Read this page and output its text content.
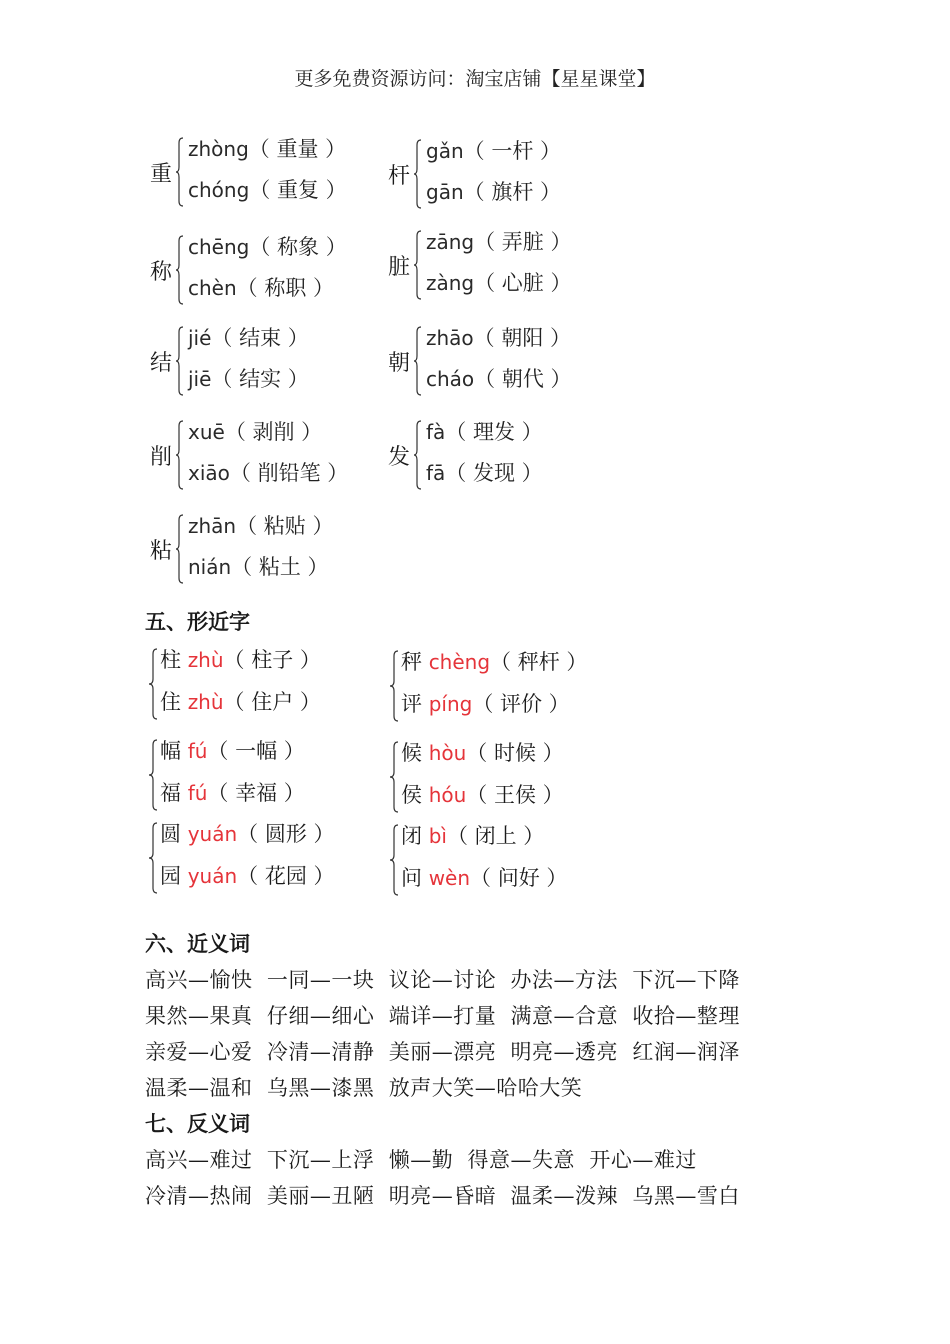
更多免费资源访问：淘宝店铺【星星课堂】
重
zhòng（ 重量 ）
chóng（ 重复 ）
杆
gǎn（ 一杆 ）
gān（ 旗杆 ）
称
chēng（ 称象 ）
chèn（ 称职 ）
脏
zāng（ 弄脏 ）
zàng（ 心脏 ）
结
jié（ 结束 ）
jiē（ 结实 ）
朝
zhāo（ 朝阳 ）
cháo（ 朝代 ）
削
xuē（ 剥削 ）
xiāo（ 削铅笔 ）
发
fà（ 理发 ）
fā（ 发现 ）
粘
zhān（ 粘贴 ）
nián（ 粘土 ）
五、形近字
柱 zhù（ 柱子 ）
住 zhù（ 住户 ）
秤 chèng（ 秤杆 ）
评 píng（ 评价 ）
幅 fú（ 一幅 ）
福 fú（ 幸福 ）
候 hòu（ 时候 ）
侯 hóu（ 王侯 ）
圆 yuán（ 圆形 ）
园 yuán（ 花园 ）
闭 bì（ 闭上 ）
问 wèn（ 问好 ）
六、近义词
高兴—愉快  一同—一块  议论—讨论  办法—方法  下沉—下降
果然—果真  仔细—细心  端详—打量  满意—合意  收拾—整理
亲爱—心爱  冷清—清静  美丽—漂亮  明亮—透亮  红润—润泽
温柔—温和  乌黑—漆黑  放声大笑—哈哈大笑
七、反义词
高兴—难过  下沉—上浮  懒—勤  得意—失意  开心—难过
冷清—热闹  美丽—丑陋  明亮—昏暗  温柔—泼辣  乌黑—雪白
